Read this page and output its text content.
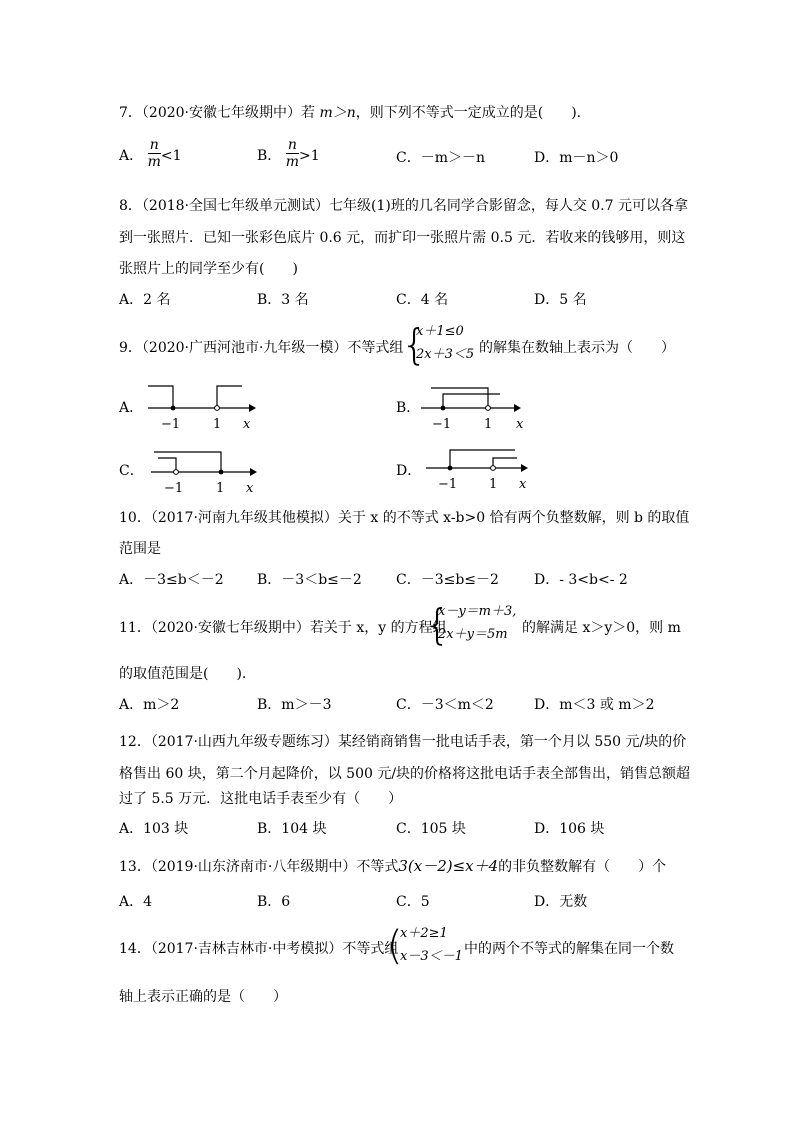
7．（2020·安徽七年级期中）若 m＞n，则下列不等式一定成立的是(　　).
A． $\frac{n}{m} <1$	B． $\frac{n}{m} >1$	C．－m＞－n	D．m－n＞0
8．（2018·全国七年级单元测试）七年级(1)班的几名同学合影留念，每人交 0.7 元可以各拿
到一张照片．已知一张彩色底片 0.6 元，而扩印一张照片需 0.5 元．若收来的钱够用，则这
张照片上的同学至少有(　　)
A．2 名	B．3 名	C．4 名	D．5 名
9．（2020·广西河池市·九年级一模）不等式组
{
x＋1≤0
2x＋3＜5 的解集在数轴上表示为（　　）
A．
−1	1 x
B．
−1	1 x
C．
−1	1 x
D．
−1 1 x
10．（2017·河南九年级其他模拟）关于 x 的不等式 x-b>0 恰有两个负整数解，则 b 的取值
范围是
A．－3≤b＜－2 B．－3＜b≤－2 C．－3≤b≤－2	D．- 3<b<- 2
11．（2020·安徽七年级期中）若关于 x，y 的方程组
{
x－y＝m＋3,
2x＋y＝5m 的解满足 x＞y＞0，则 m
的取值范围是(　　).
A．m＞2	B．m＞－3	C．－3＜m＜2	D．m＜3 或 m＞2
12．（2017·山西九年级专题练习）某经销商销售一批电话手表，第一个月以 550 元/块的价
格售出 60 块，第二个月起降价，以 500 元/块的价格将这批电话手表全部售出，销售总额超
过了 5.5 万元．这批电话手表至少有（　　）
A．103 块	B．104 块	C．105 块	D．106 块
13．（2019·山东济南市·八年级期中）不等式3(x－2)≤x＋4的非负整数解有（　　）个
A．4	B．6	C．5	D．无数
14．（2017·吉林吉林市·中考模拟）不等式组
(
x＋2≥1
x－3＜－1 中的两个不等式的解集在同一个数
轴上表示正确的是（　　）
